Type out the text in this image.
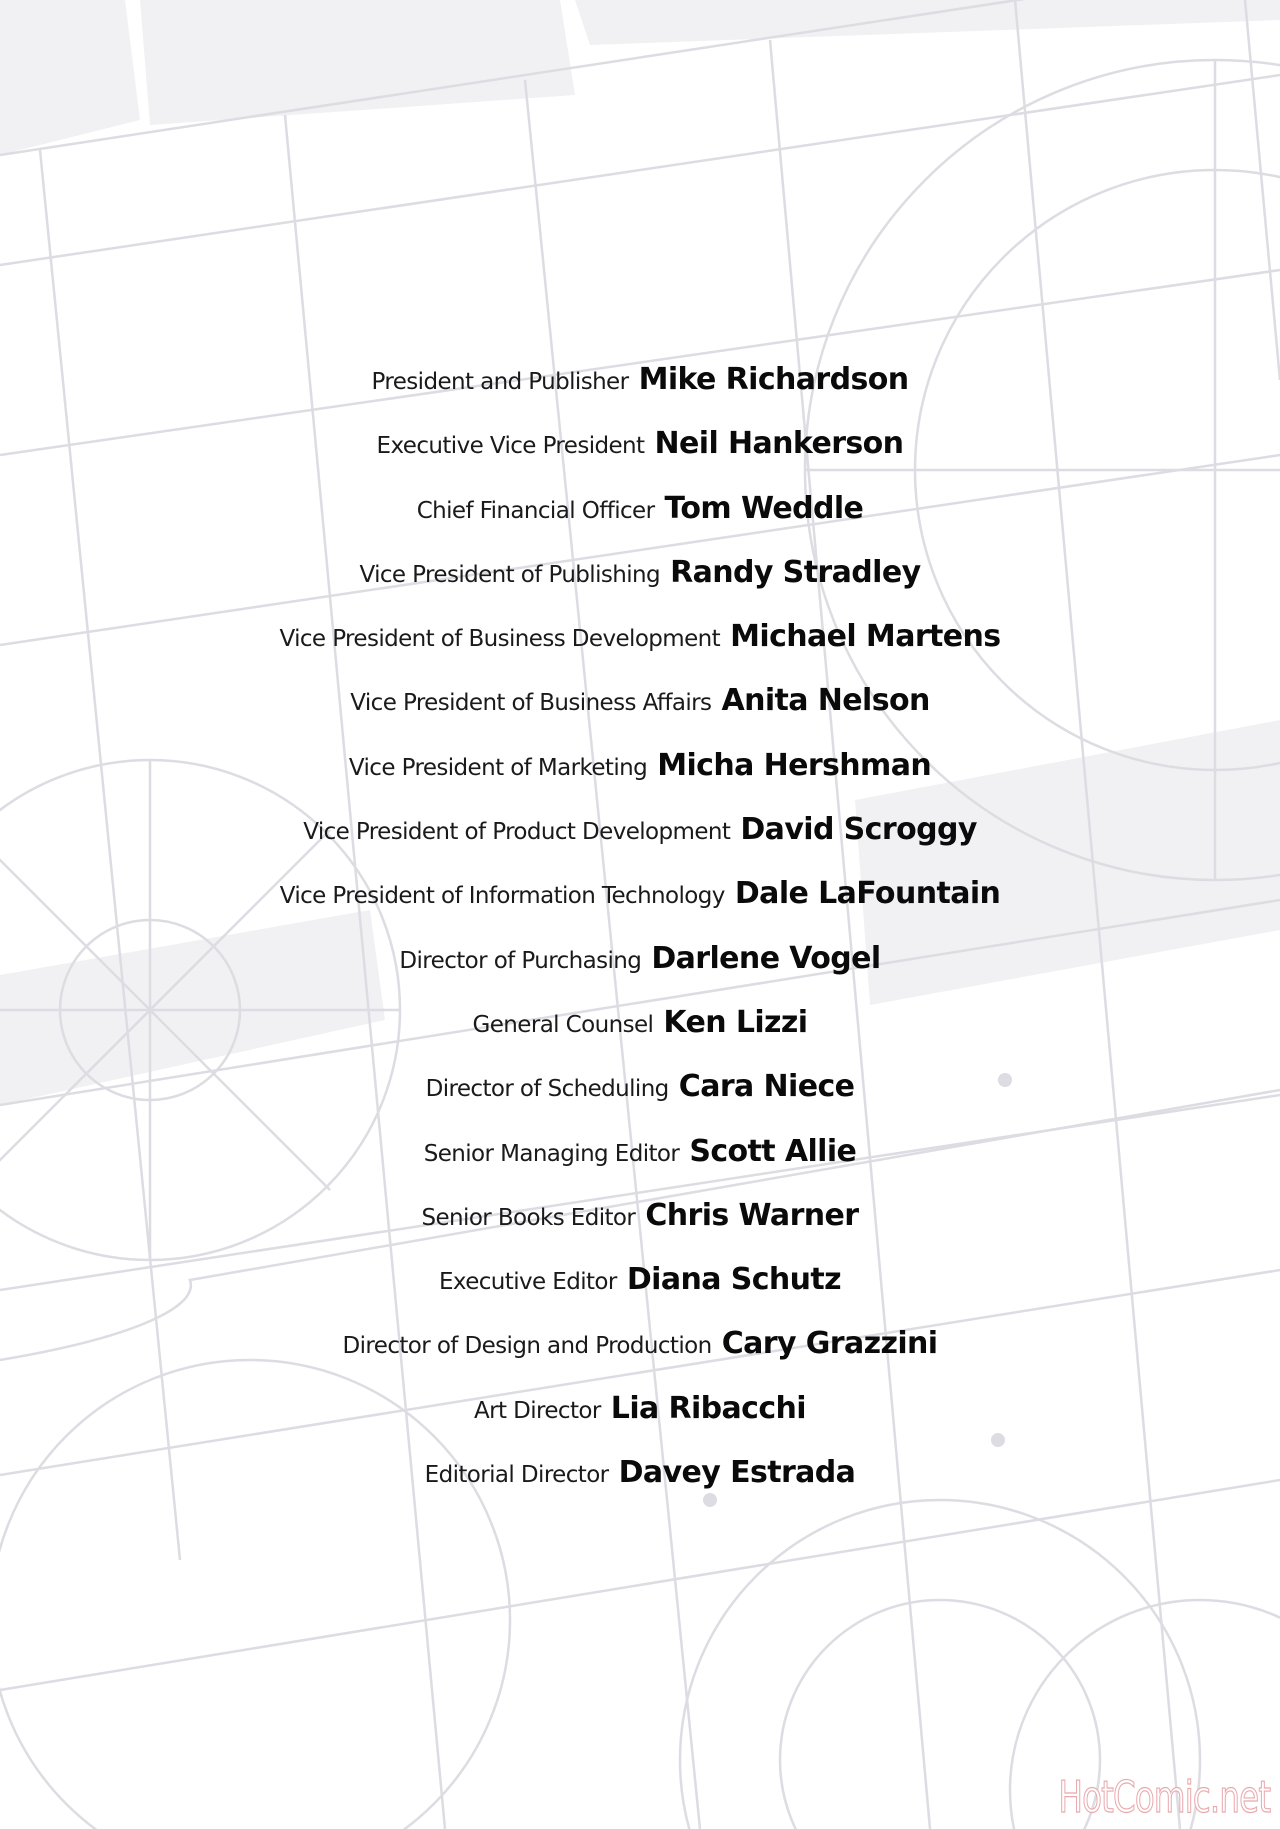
President and Publisher Mike Richardson
Executive Vice President Neil Hankerson
Chief Financial Officer Tom Weddle
Vice President of Publishing Randy Stradley
Vice President of Business Development Michael Martens
Vice President of Business Affairs Anita Nelson
Vice President of Marketing Micha Hershman
Vice President of Product Development David Scroggy
Vice President of Information Technology Dale LaFountain
Director of Purchasing Darlene Vogel
General Counsel Ken Lizzi
Director of Scheduling Cara Niece
Senior Managing Editor Scott Allie
Senior Books Editor Chris Warner
Executive Editor Diana Schutz
Director of Design and Production Cary Grazzini
Art Director Lia Ribacchi
Editorial Director Davey Estrada
HotComic.net
